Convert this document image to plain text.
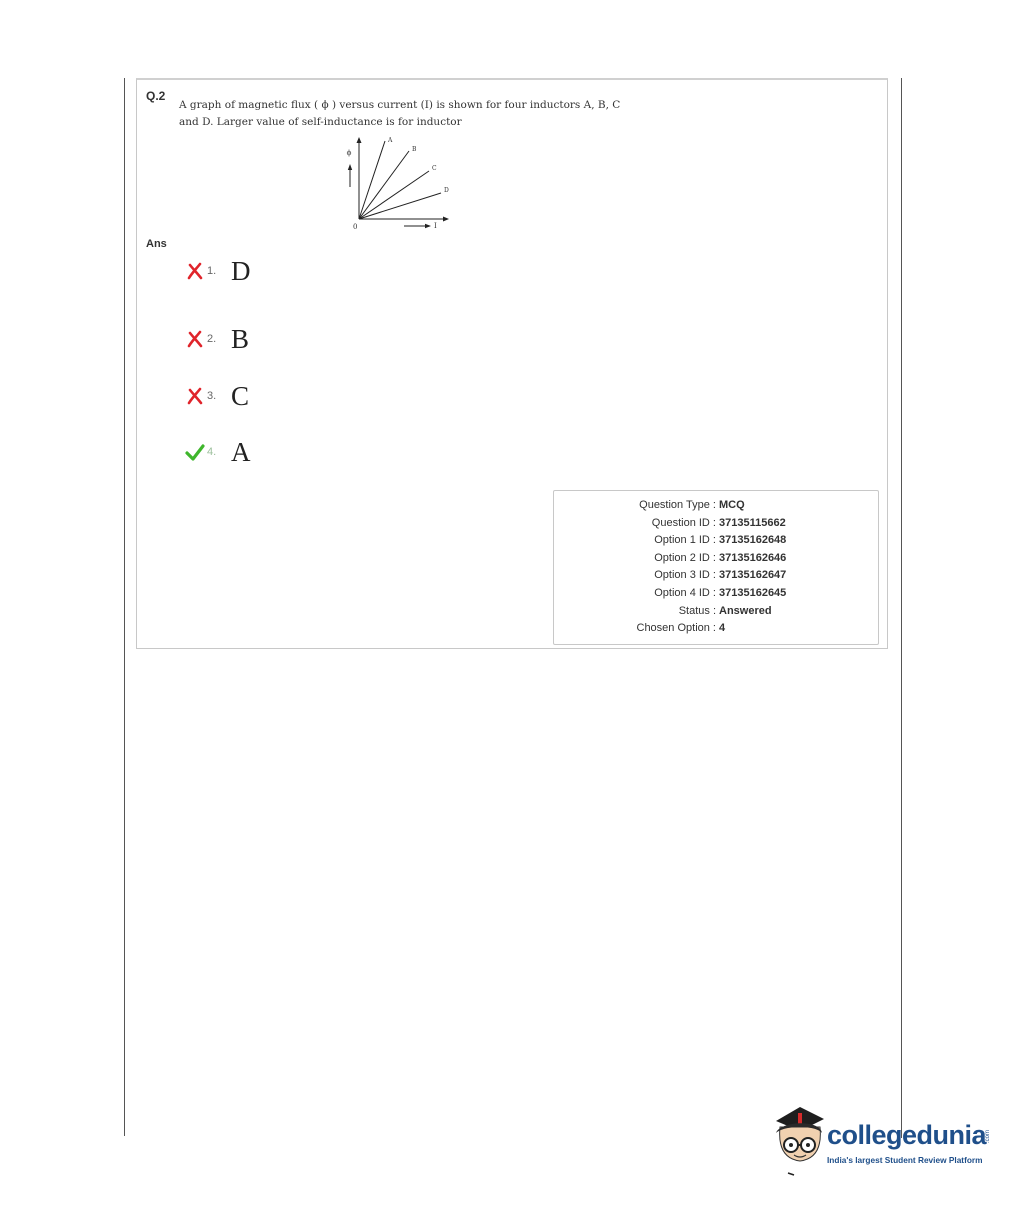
Q.2
A graph of magnetic flux ( ϕ ) versus current (I) is shown for four inductors A, B, C and D. Larger value of self-inductance is for inductor
ϕ
I
0
A
B
C
D
Ans
1. D
2. B
3. C
4. A
Question Type : MCQ
Question ID : 37135115662
Option 1 ID : 37135162648
Option 2 ID : 37135162646
Option 3 ID : 37135162647
Option 4 ID : 37135162645
Status : Answered
Chosen Option : 4
collegedunia
.com
India's largest Student Review Platform
